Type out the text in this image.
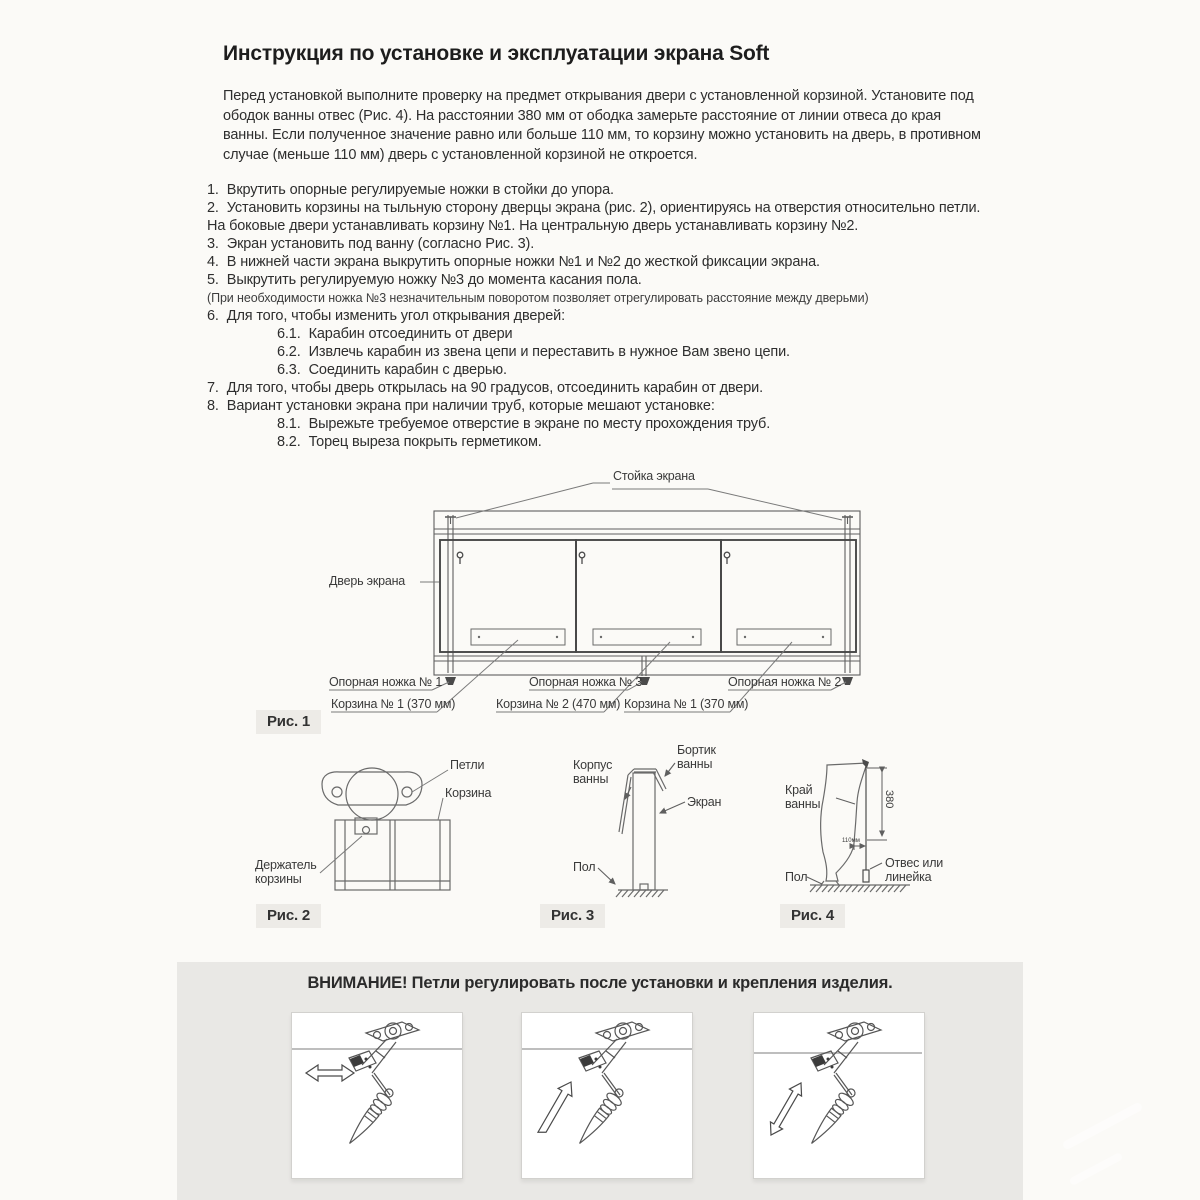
Инструкция по установке и эксплуатации экрана Soft
Перед установкой выполните проверку на предмет открывания двери с установленной корзиной. Установите под ободок ванны отвес (Рис. 4). На расстоянии 380 мм от ободка замерьте расстояние от линии отвеса до края ванны. Если полученное значение равно или больше 110 мм, то корзину можно установить на дверь, в противном случае (меньше 110 мм) дверь с установленной корзиной не откроется.
1. Вкрутить опорные регулируемые ножки в стойки до упора.
2. Установить корзины на тыльную сторону дверцы экрана (рис. 2), ориентируясь на отверстия относительно петли. На боковые двери устанавливать корзину №1. На центральную дверь устанавливать корзину №2.
3. Экран установить под ванну (согласно Рис. 3).
4. В нижней части экрана выкрутить опорные ножки №1 и №2 до жесткой фиксации экрана.
5. Выкрутить регулируемую ножку №3 до момента касания пола.
(При необходимости ножка №3 незначительным поворотом позволяет отрегулировать расстояние между дверьми)
6. Для того, чтобы изменить угол открывания дверей:
6.1. Карабин отсоединить от двери
6.2. Извлечь карабин из звена цепи и переставить в нужное Вам звено цепи.
6.3. Соединить карабин с дверью.
7. Для того, чтобы дверь открылась на 90 градусов, отсоединить карабин от двери.
8. Вариант установки экрана при наличии труб, которые мешают установке:
8.1. Вырежьте требуемое отверстие в экране по месту прохождения труб.
8.2. Торец выреза покрыть герметиком.
Стойка экрана
Дверь экрана
Опорная ножка № 1	Опорная ножка № 3	Опорная ножка № 2
Корзина № 1 (370 мм)	Корзина № 2 (470 мм) Корзина № 1 (370 мм)
Рис. 1
Петли
Корзина
Держатель корзины
Рис. 2
Корпус ванны
Бортик ванны
Экран
Пол
Рис. 3
Край ванны	380
110мм
Отвес или линейка
Пол
Рис. 4
ВНИМАНИЕ! Петли регулировать после установки и крепления изделия.
